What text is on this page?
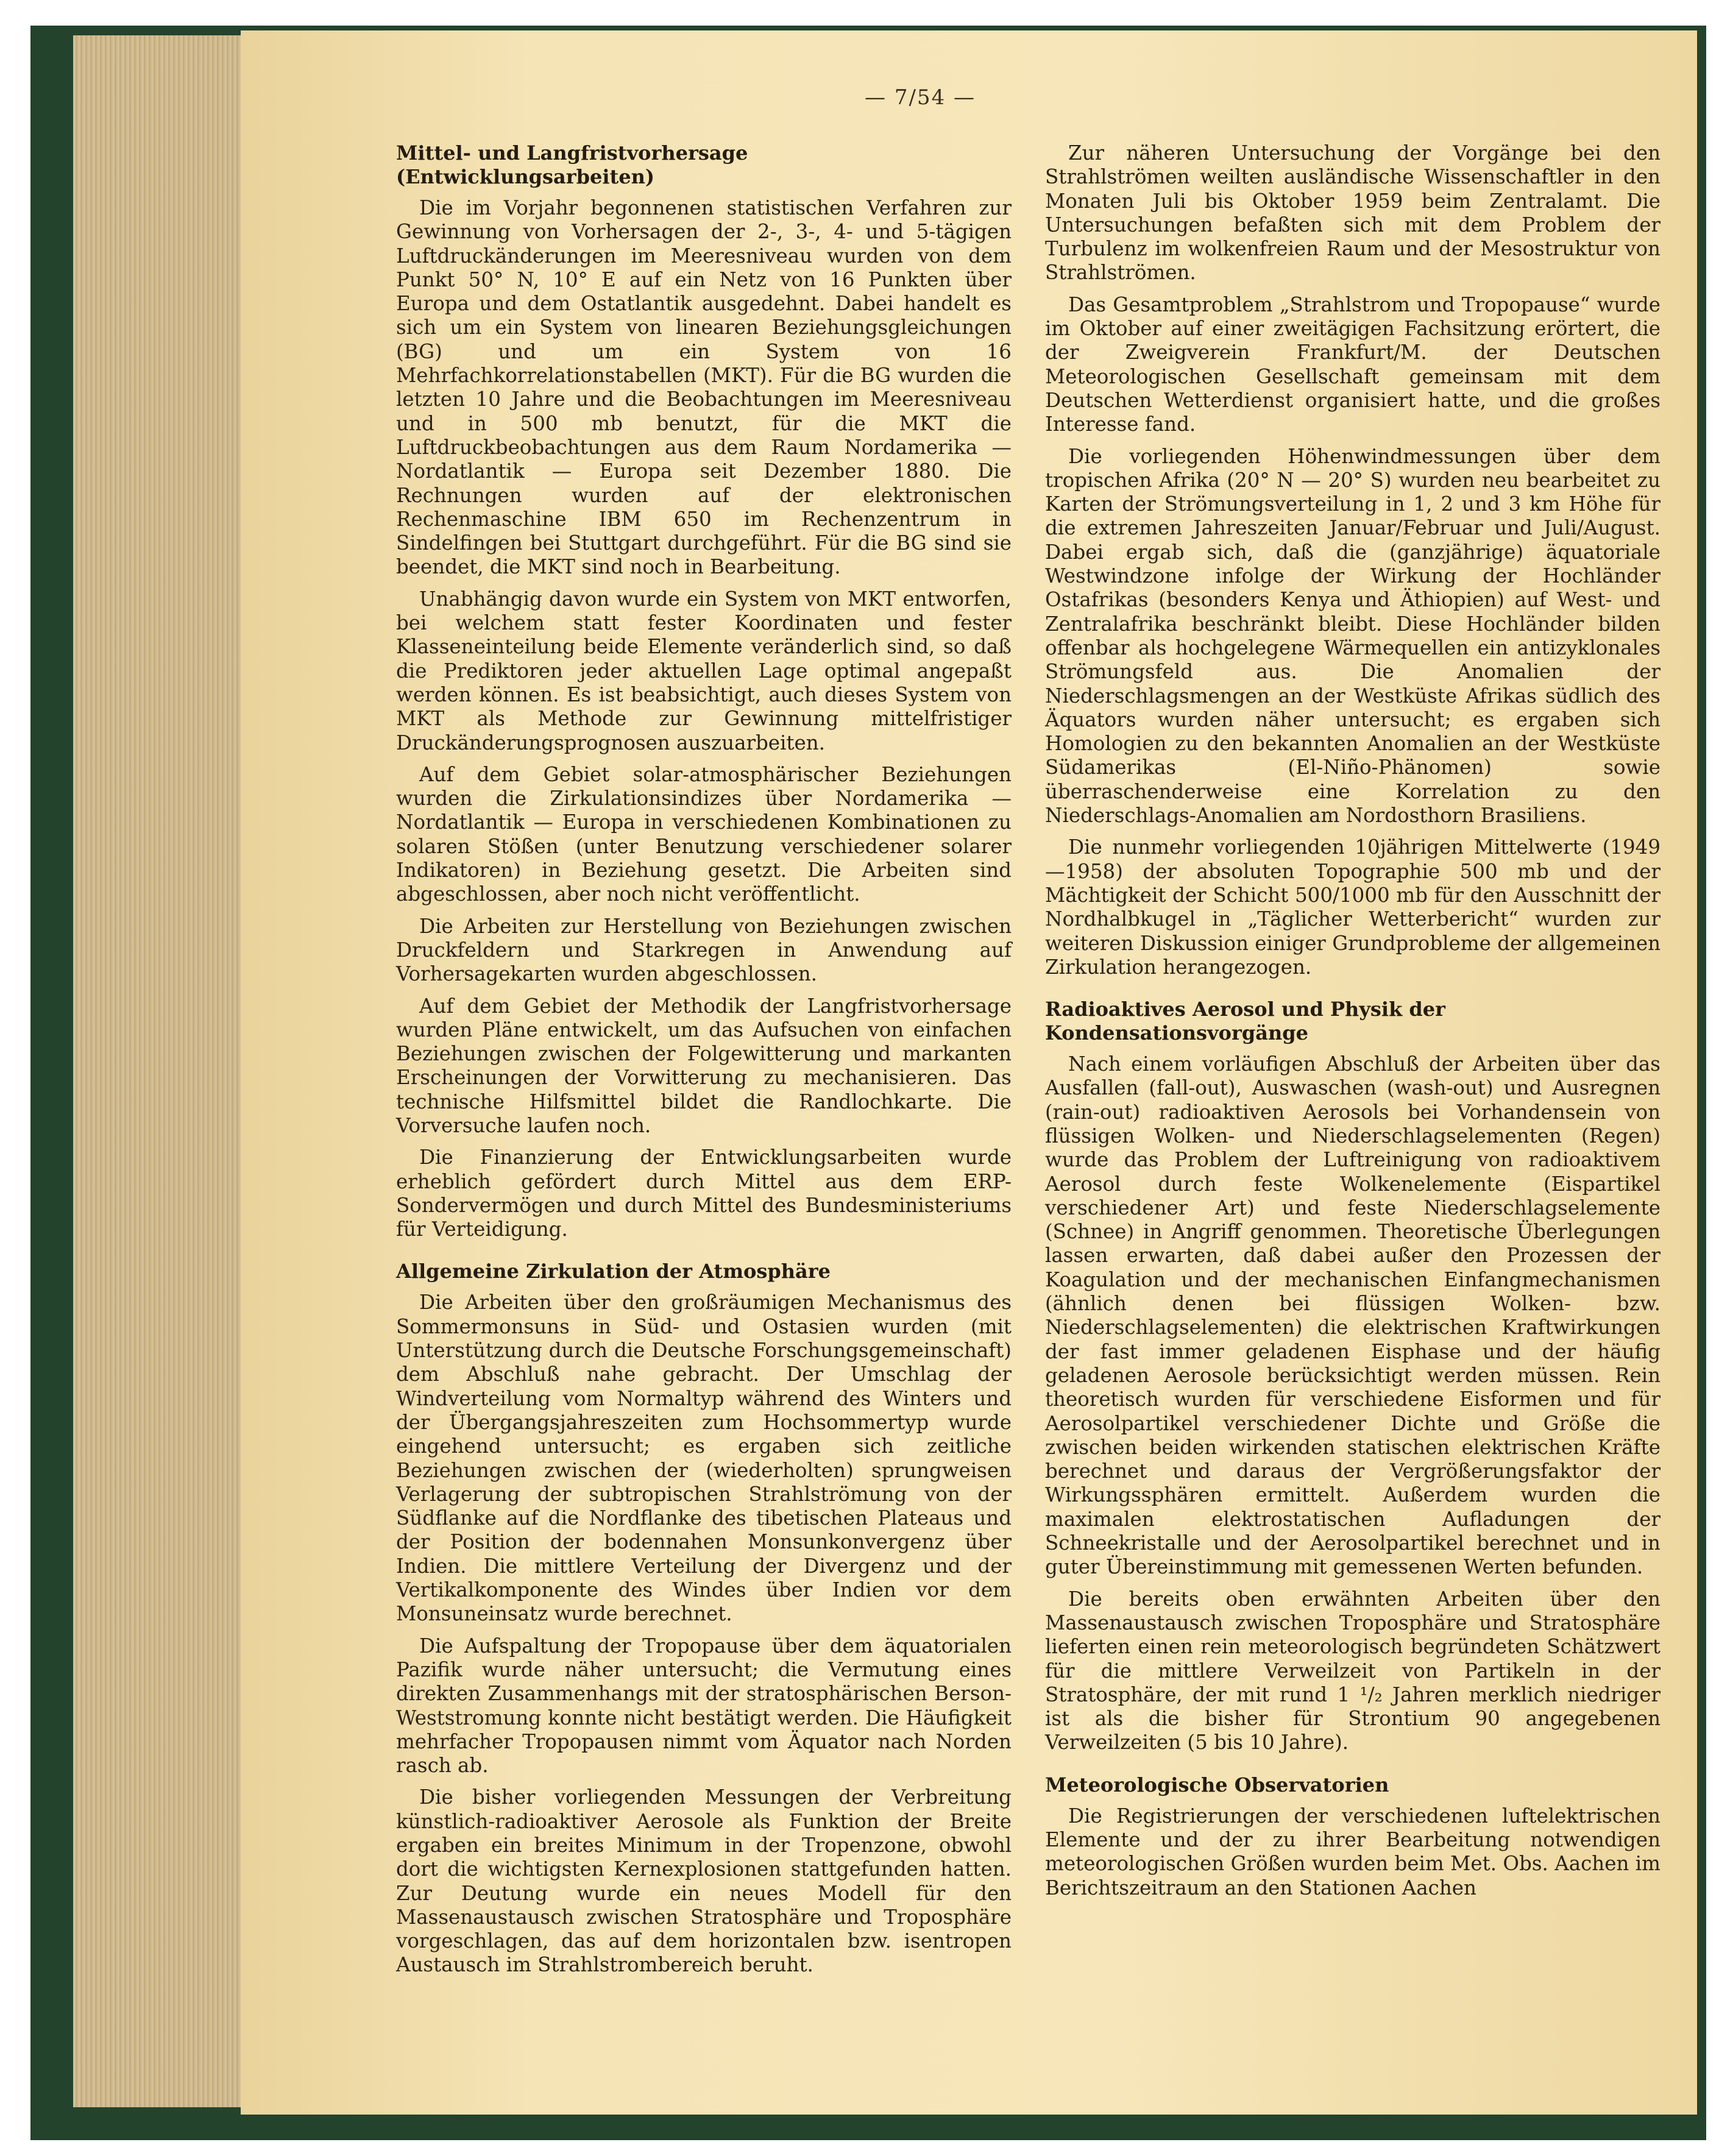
— 7/54 —
Mittel- und Langfristvorhersage (Entwicklungsarbeiten)

Die im Vorjahr begonnenen statistischen Verfahren zur Gewinnung von Vorhersagen der 2-, 3-, 4- und 5-tägigen Luftdruckänderungen im Meeresniveau wurden von dem Punkt 50° N, 10° E auf ein Netz von 16 Punkten über Europa und dem Ostatlantik ausgedehnt. Dabei handelt es sich um ein System von linearen Beziehungsgleichungen (BG) und um ein System von 16 Mehrfachkorrelationstabellen (MKT). Für die BG wurden die letzten 10 Jahre und die Beobachtungen im Meeresniveau und in 500 mb benutzt, für die MKT die Luftdruckbeobachtungen aus dem Raum Nordamerika — Nordatlantik — Europa seit Dezember 1880. Die Rechnungen wurden auf der elektronischen Rechenmaschine IBM 650 im Rechenzentrum in Sindelfingen bei Stuttgart durchgeführt. Für die BG sind sie beendet, die MKT sind noch in Bearbeitung.

Unabhängig davon wurde ein System von MKT entworfen, bei welchem statt fester Koordinaten und fester Klasseneinteilung beide Elemente veränderlich sind, so daß die Prediktoren jeder aktuellen Lage optimal angepaßt werden können. Es ist beabsichtigt, auch dieses System von MKT als Methode zur Gewinnung mittelfristiger Druckänderungsprognosen auszuarbeiten.

Auf dem Gebiet solar-atmosphärischer Beziehungen wurden die Zirkulationsindizes über Nordamerika — Nordatlantik — Europa in verschiedenen Kombinationen zu solaren Stößen (unter Benutzung verschiedener solarer Indikatoren) in Beziehung gesetzt. Die Arbeiten sind abgeschlossen, aber noch nicht veröffentlicht.

Die Arbeiten zur Herstellung von Beziehungen zwischen Druckfeldern und Starkregen in Anwendung auf Vorhersagekarten wurden abgeschlossen.

Auf dem Gebiet der Methodik der Langfristvorhersage wurden Pläne entwickelt, um das Aufsuchen von einfachen Beziehungen zwischen der Folgewitterung und markanten Erscheinungen der Vorwitterung zu mechanisieren. Das technische Hilfsmittel bildet die Randlochkarte. Die Vorversuche laufen noch.

Die Finanzierung der Entwicklungsarbeiten wurde erheblich gefördert durch Mittel aus dem ERP-Sondervermögen und durch Mittel des Bundesministeriums für Verteidigung.

Allgemeine Zirkulation der Atmosphäre

Die Arbeiten über den großräumigen Mechanismus des Sommermonsuns in Süd- und Ostasien wurden (mit Unterstützung durch die Deutsche Forschungsgemeinschaft) dem Abschluß nahe gebracht. Der Umschlag der Windverteilung vom Normaltyp während des Winters und der Übergangsjahreszeiten zum Hochsommertyp wurde eingehend untersucht; es ergaben sich zeitliche Beziehungen zwischen der (wiederholten) sprungweisen Verlagerung der subtropischen Strahlströmung von der Südflanke auf die Nordflanke des tibetischen Plateaus und der Position der bodennahen Monsunkonvergenz über Indien. Die mittlere Verteilung der Divergenz und der Vertikalkomponente des Windes über Indien vor dem Monsuneinsatz wurde berechnet.

Die Aufspaltung der Tropopause über dem äquatorialen Pazifik wurde näher untersucht; die Vermutung eines direkten Zusammenhangs mit der stratosphärischen Berson-Weststromung konnte nicht bestätigt werden. Die Häufigkeit mehrfacher Tropopausen nimmt vom Äquator nach Norden rasch ab.

Die bisher vorliegenden Messungen der Verbreitung künstlich-radioaktiver Aerosole als Funktion der Breite ergaben ein breites Minimum in der Tropenzone, obwohl dort die wichtigsten Kernexplosionen stattgefunden hatten. Zur Deutung wurde ein neues Modell für den Massenaustausch zwischen Stratosphäre und Troposphäre vorgeschlagen, das auf dem horizontalen bzw. isentropen Austausch im Strahlstrombereich beruht.

Zur näheren Untersuchung der Vorgänge bei den Strahlströmen weilten ausländische Wissenschaftler in den Monaten Juli bis Oktober 1959 beim Zentralamt. Die Untersuchungen befaßten sich mit dem Problem der Turbulenz im wolkenfreien Raum und der Mesostruktur von Strahlströmen.

Das Gesamtproblem „Strahlstrom und Tropopause“ wurde im Oktober auf einer zweitägigen Fachsitzung erörtert, die der Zweigverein Frankfurt/M. der Deutschen Meteorologischen Gesellschaft gemeinsam mit dem Deutschen Wetterdienst organisiert hatte, und die großes Interesse fand.

Die vorliegenden Höhenwindmessungen über dem tropischen Afrika (20° N — 20° S) wurden neu bearbeitet zu Karten der Strömungsverteilung in 1, 2 und 3 km Höhe für die extremen Jahreszeiten Januar/Februar und Juli/August. Dabei ergab sich, daß die (ganzjährige) äquatoriale Westwindzone infolge der Wirkung der Hochländer Ostafrikas (besonders Kenya und Äthiopien) auf West- und Zentralafrika beschränkt bleibt. Diese Hochländer bilden offenbar als hochgelegene Wärmequellen ein antizyklonales Strömungsfeld aus. Die Anomalien der Niederschlagsmengen an der Westküste Afrikas südlich des Äquators wurden näher untersucht; es ergaben sich Homologien zu den bekannten Anomalien an der Westküste Südamerikas (El-Niño-Phänomen) sowie überraschenderweise eine Korrelation zu den Niederschlags-Anomalien am Nordosthorn Brasiliens.

Die nunmehr vorliegenden 10jährigen Mittelwerte (1949—1958) der absoluten Topographie 500 mb und der Mächtigkeit der Schicht 500/1000 mb für den Ausschnitt der Nordhalbkugel in „Täglicher Wetterbericht“ wurden zur weiteren Diskussion einiger Grundprobleme der allgemeinen Zirkulation herangezogen.

Radioaktives Aerosol und Physik der Kondensationsvorgänge

Nach einem vorläufigen Abschluß der Arbeiten über das Ausfallen (fall-out), Auswaschen (wash-out) und Ausregnen (rain-out) radioaktiven Aerosols bei Vorhandensein von flüssigen Wolken- und Niederschlagselementen (Regen) wurde das Problem der Luftreinigung von radioaktivem Aerosol durch feste Wolkenelemente (Eispartikel verschiedener Art) und feste Niederschlagselemente (Schnee) in Angriff genommen. Theoretische Überlegungen lassen erwarten, daß dabei außer den Prozessen der Koagulation und der mechanischen Einfangmechanismen (ähnlich denen bei flüssigen Wolken- bzw. Niederschlagselementen) die elektrischen Kraftwirkungen der fast immer geladenen Eisphase und der häufig geladenen Aerosole berücksichtigt werden müssen. Rein theoretisch wurden für verschiedene Eisformen und für Aerosolpartikel verschiedener Dichte und Größe die zwischen beiden wirkenden statischen elektrischen Kräfte berechnet und daraus der Vergrößerungsfaktor der Wirkungssphären ermittelt. Außerdem wurden die maximalen elektrostatischen Aufladungen der Schneekristalle und der Aerosolpartikel berechnet und in guter Übereinstimmung mit gemessenen Werten befunden.

Die bereits oben erwähnten Arbeiten über den Massenaustausch zwischen Troposphäre und Stratosphäre lieferten einen rein meteorologisch begründeten Schätzwert für die mittlere Verweilzeit von Partikeln in der Stratosphäre, der mit rund 1 ¹/₂ Jahren merklich niedriger ist als die bisher für Strontium 90 angegebenen Verweilzeiten (5 bis 10 Jahre).

Meteorologische Observatorien

Die Registrierungen der verschiedenen luftelektrischen Elemente und der zu ihrer Bearbeitung notwendigen meteorologischen Größen wurden beim Met. Obs. Aachen im Berichtszeitraum an den Stationen Aachen
